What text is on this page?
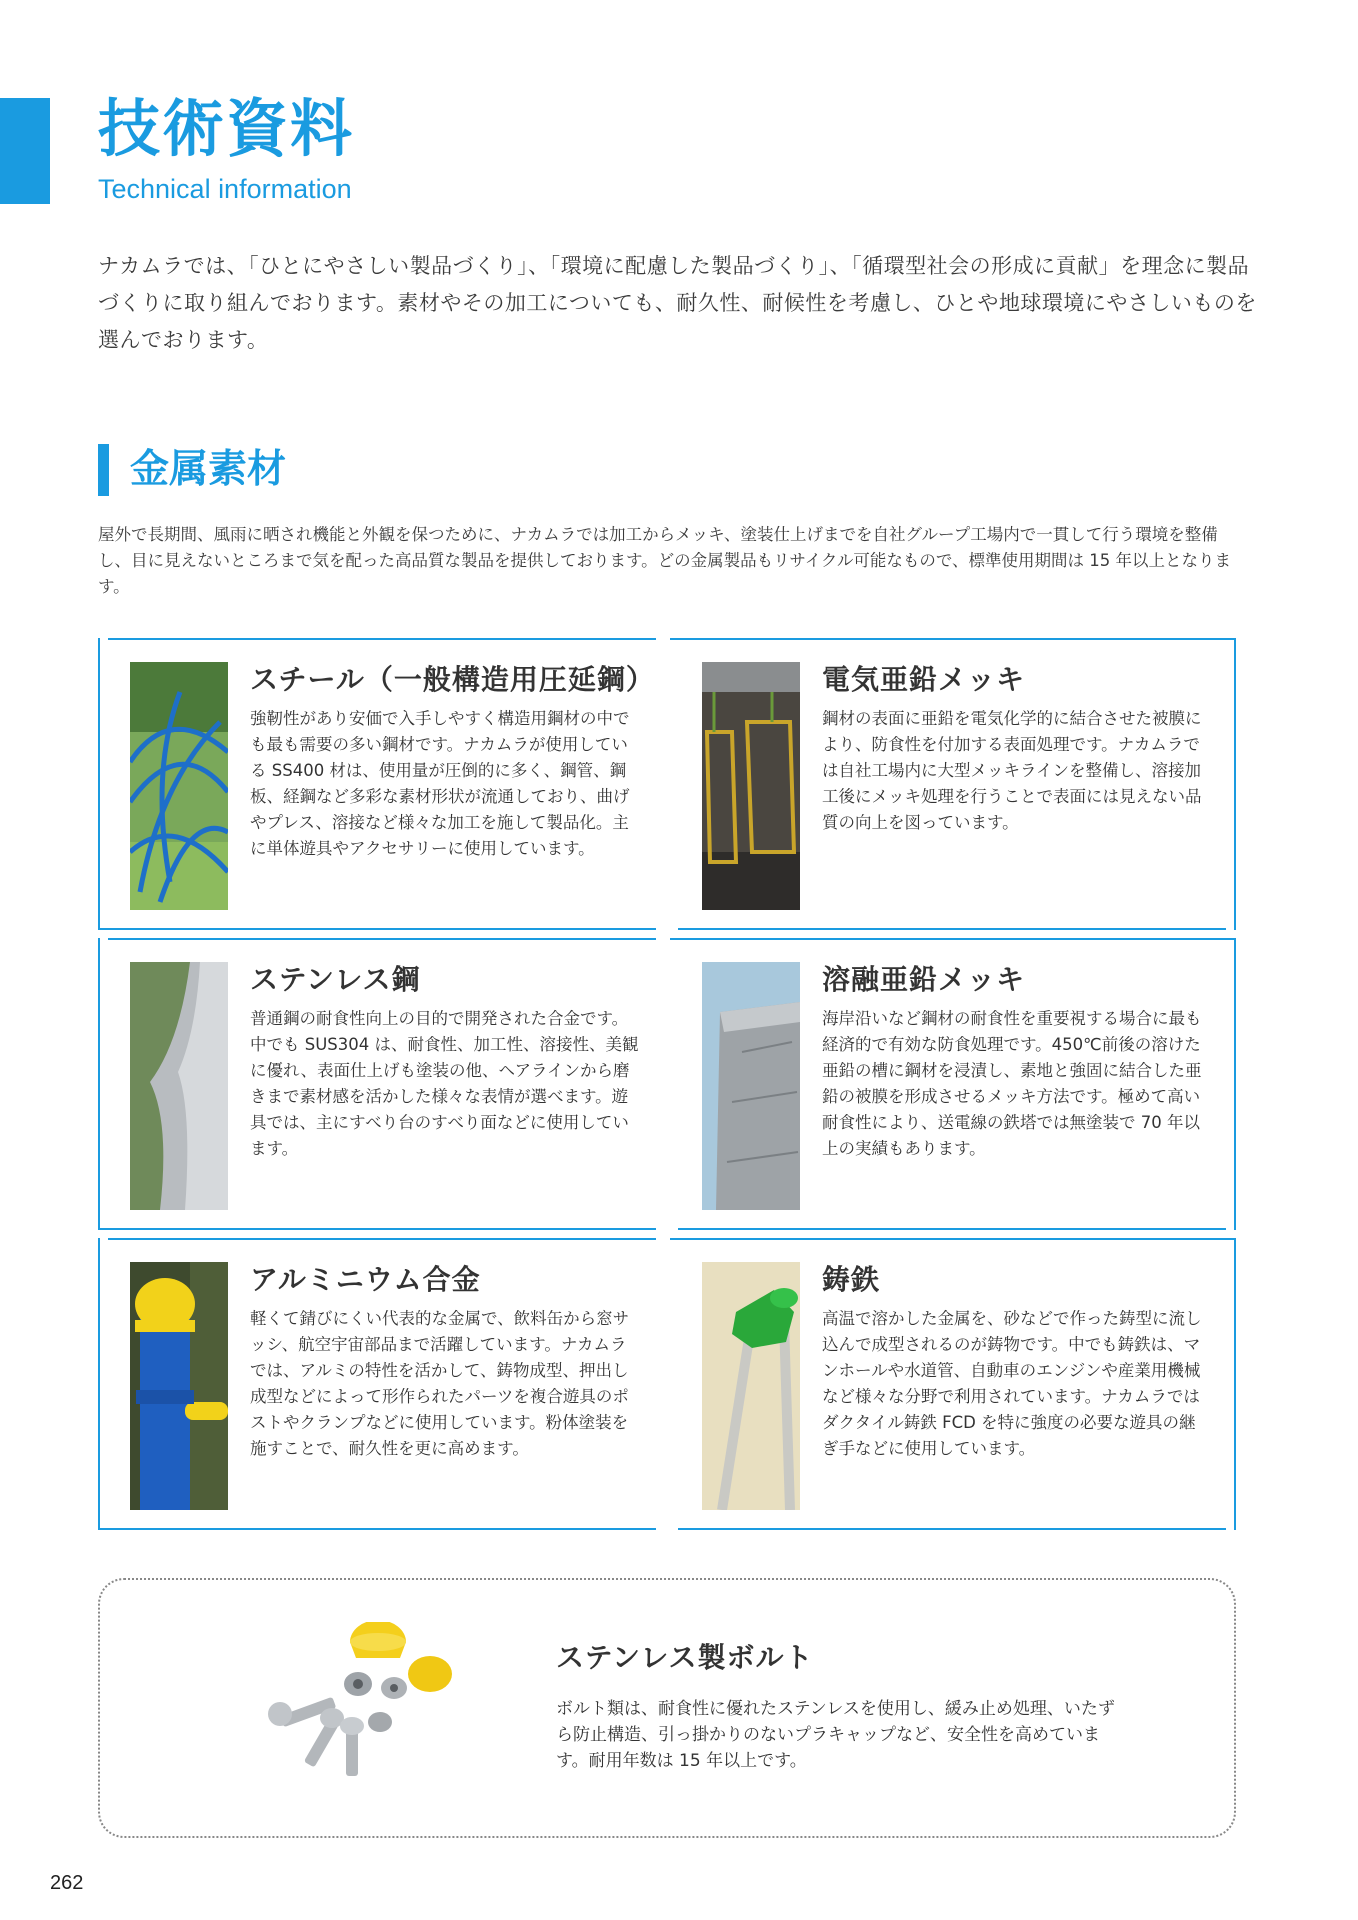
技術資料
Technical information
ナカムラでは、「ひとにやさしい製品づくり」、「環境に配慮した製品づくり」、「循環型社会の形成に貢献」を理念に製品づくりに取り組んでおります。素材やその加工についても、耐久性、耐候性を考慮し、ひとや地球環境にやさしいものを選んでおります。
金属素材
屋外で長期間、風雨に晒され機能と外観を保つために、ナカムラでは加工からメッキ、塗装仕上げまでを自社グループ工場内で一貫して行う環境を整備し、目に見えないところまで気を配った高品質な製品を提供しております。どの金属製品もリサイクル可能なもので、標準使用期間は 15 年以上となります。
スチール（一般構造用圧延鋼）
強靭性があり安価で入手しやすく構造用鋼材の中でも最も需要の多い鋼材です。ナカムラが使用している SS400 材は、使用量が圧倒的に多く、鋼管、鋼板、経鋼など多彩な素材形状が流通しており、曲げやプレス、溶接など様々な加工を施して製品化。主に単体遊具やアクセサリーに使用しています。
電気亜鉛メッキ
鋼材の表面に亜鉛を電気化学的に結合させた被膜により、防食性を付加する表面処理です。ナカムラでは自社工場内に大型メッキラインを整備し、溶接加工後にメッキ処理を行うことで表面には見えない品質の向上を図っています。
ステンレス鋼
普通鋼の耐食性向上の目的で開発された合金です。中でも SUS304 は、耐食性、加工性、溶接性、美観に優れ、表面仕上げも塗装の他、ヘアラインから磨きまで素材感を活かした様々な表情が選べます。遊具では、主にすべり台のすべり面などに使用しています。
溶融亜鉛メッキ
海岸沿いなど鋼材の耐食性を重要視する場合に最も経済的で有効な防食処理です。450℃前後の溶けた亜鉛の槽に鋼材を浸漬し、素地と強固に結合した亜鉛の被膜を形成させるメッキ方法です。極めて高い耐食性により、送電線の鉄塔では無塗装で 70 年以上の実績もあります。
アルミニウム合金
軽くて錆びにくい代表的な金属で、飲料缶から窓サッシ、航空宇宙部品まで活躍しています。ナカムラでは、アルミの特性を活かして、鋳物成型、押出し成型などによって形作られたパーツを複合遊具のポストやクランプなどに使用しています。粉体塗装を施すことで、耐久性を更に高めます。
鋳鉄
高温で溶かした金属を、砂などで作った鋳型に流し込んで成型されるのが鋳物です。中でも鋳鉄は、マンホールや水道管、自動車のエンジンや産業用機械など様々な分野で利用されています。ナカムラではダクタイル鋳鉄 FCD を特に強度の必要な遊具の継ぎ手などに使用しています。
ステンレス製ボルト
ボルト類は、耐食性に優れたステンレスを使用し、緩み止め処理、いたずら防止構造、引っ掛かりのないプラキャップなど、安全性を高めています。耐用年数は 15 年以上です。
262
